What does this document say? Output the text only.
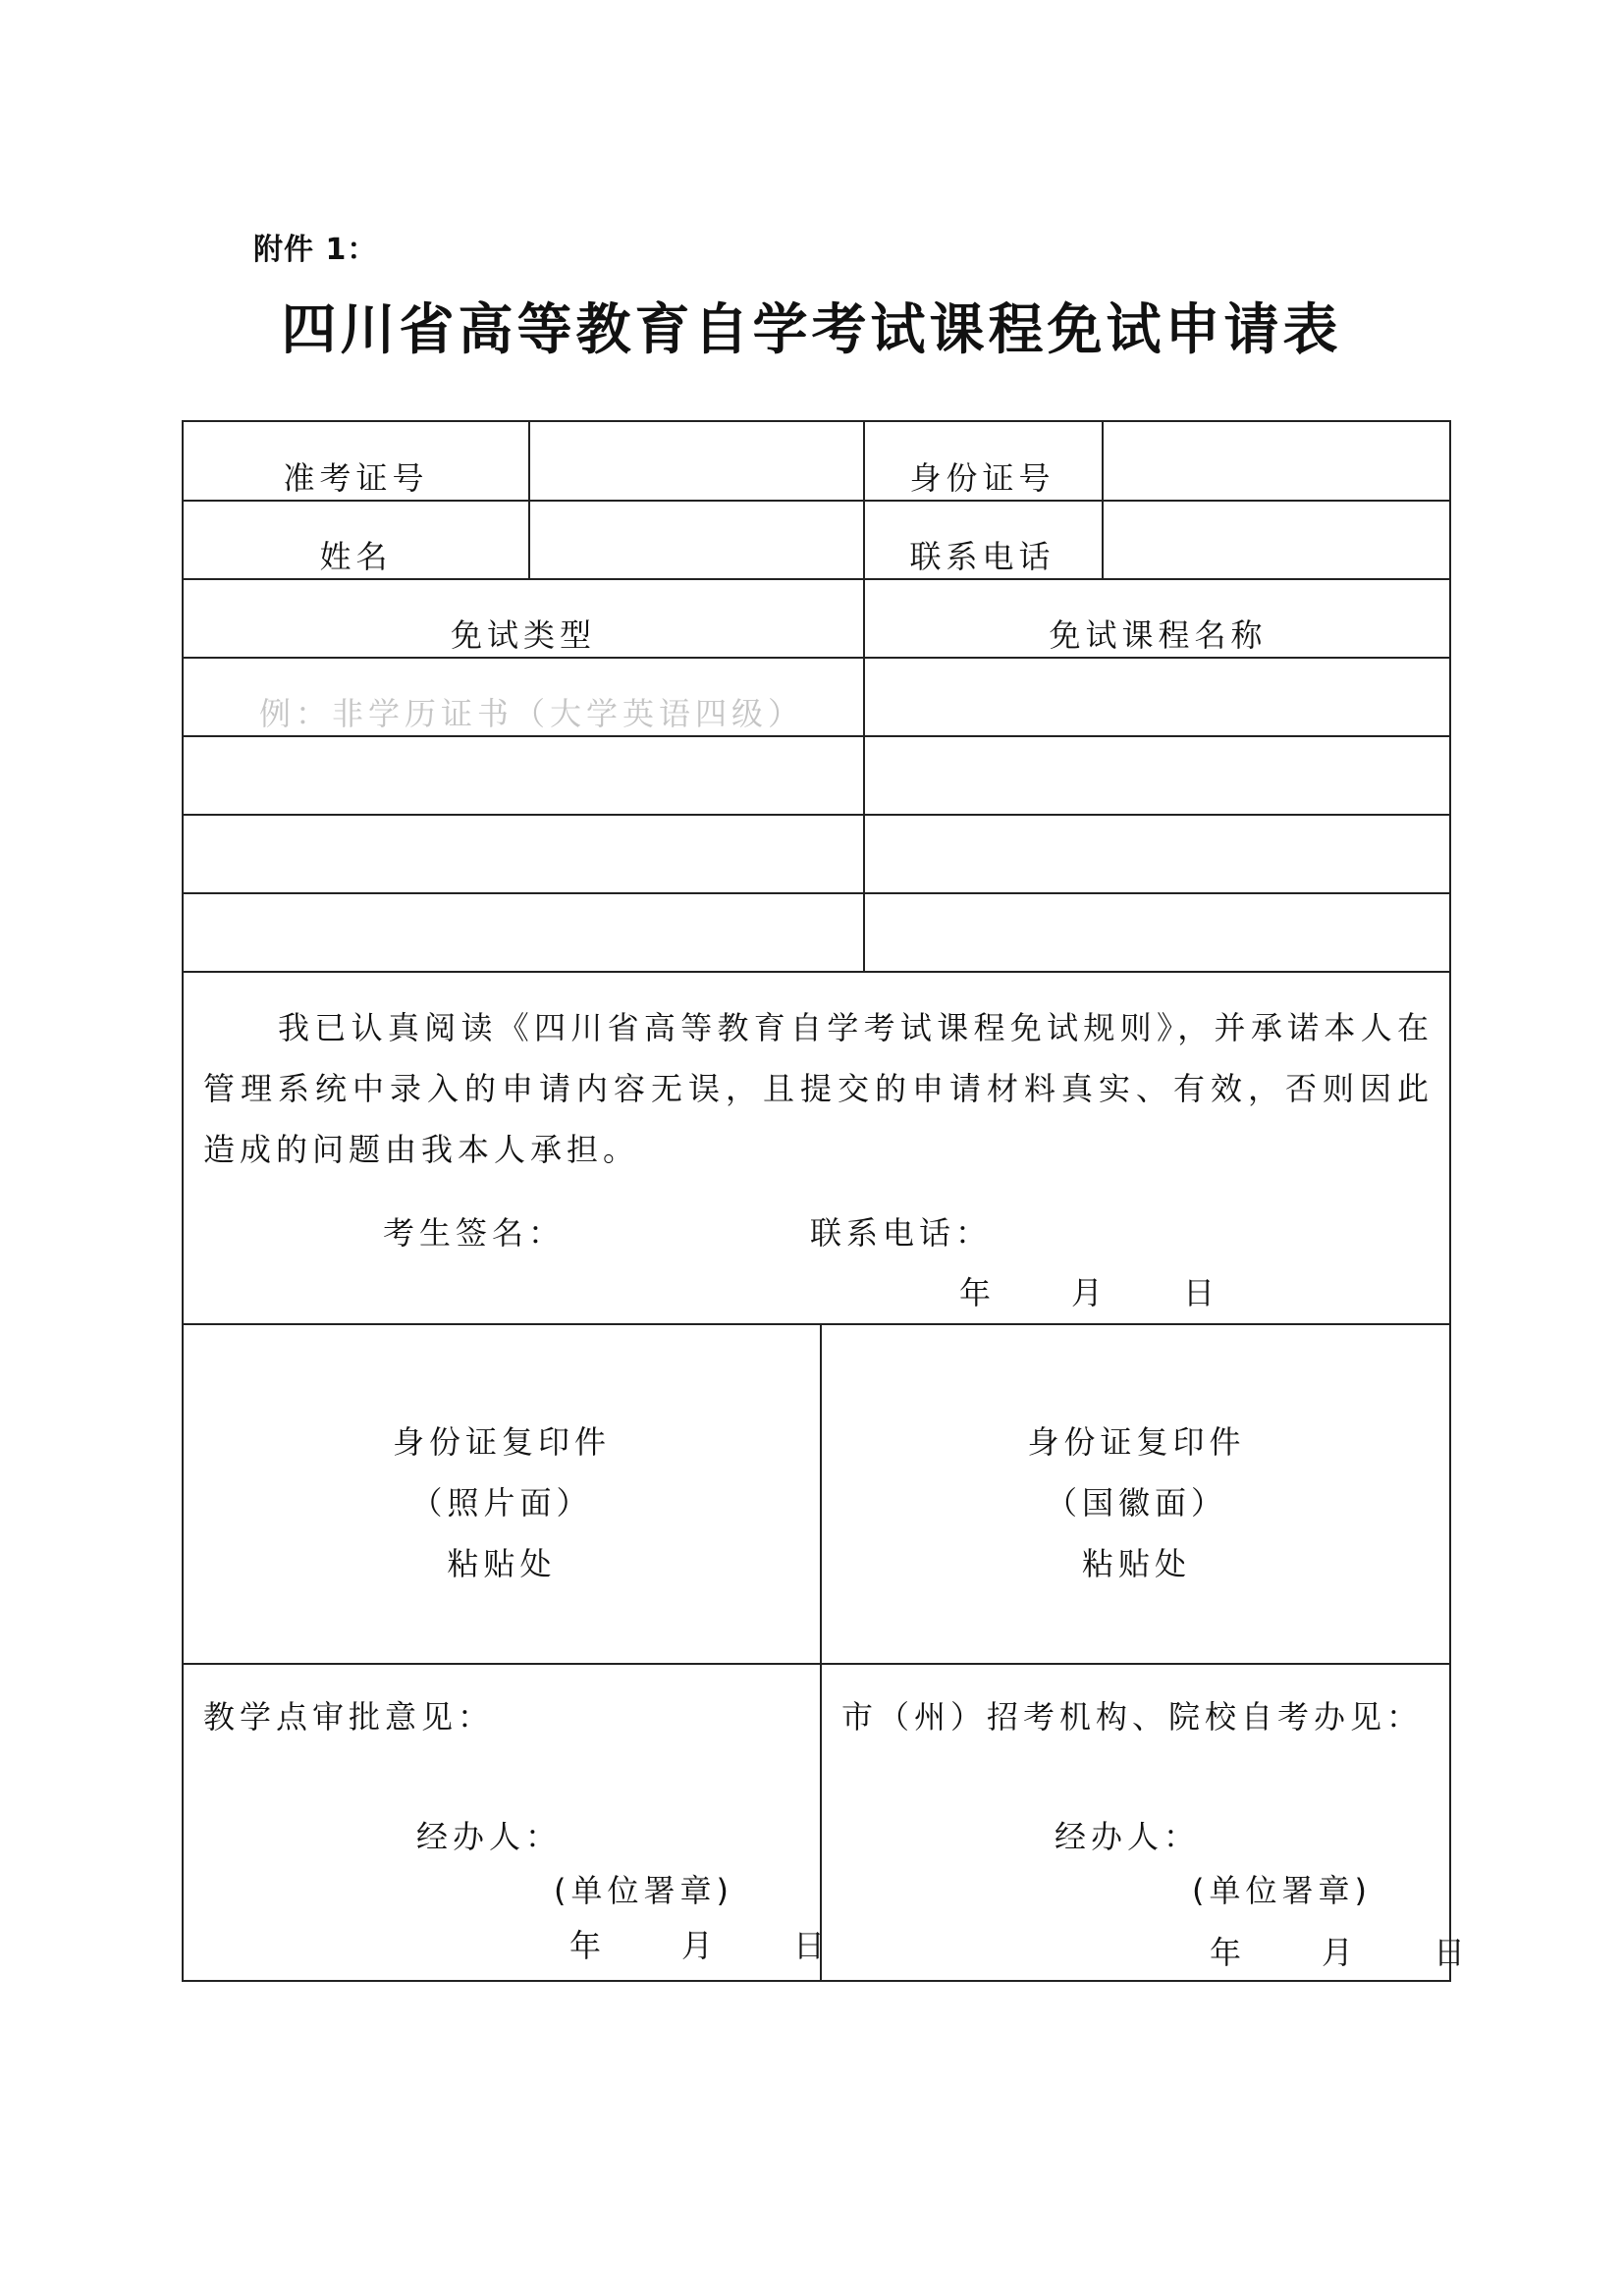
附件 1：
四川省高等教育自学考试课程免试申请表
准考证号	身份证号
姓名	联系电话
免试类型	免试课程名称
例：非学历证书（大学英语四级）
我已认真阅读《四川省高等教育自学考试课程免试规则》，并承诺本人在管理系统中录入的申请内容无误，且提交的申请材料真实、有效，否则因此造成的问题由我本人承担。
考生签名：	联系电话：
年　　月　　日
身份证复印件
（照片面）
粘贴处
身份证复印件
（国徽面）
粘贴处
教学点审批意见：
经办人：
(单位署章)
年　　月　　日
市（州）招考机构、院校自考办见：
经办人：
(单位署章)
年　　月　　日
